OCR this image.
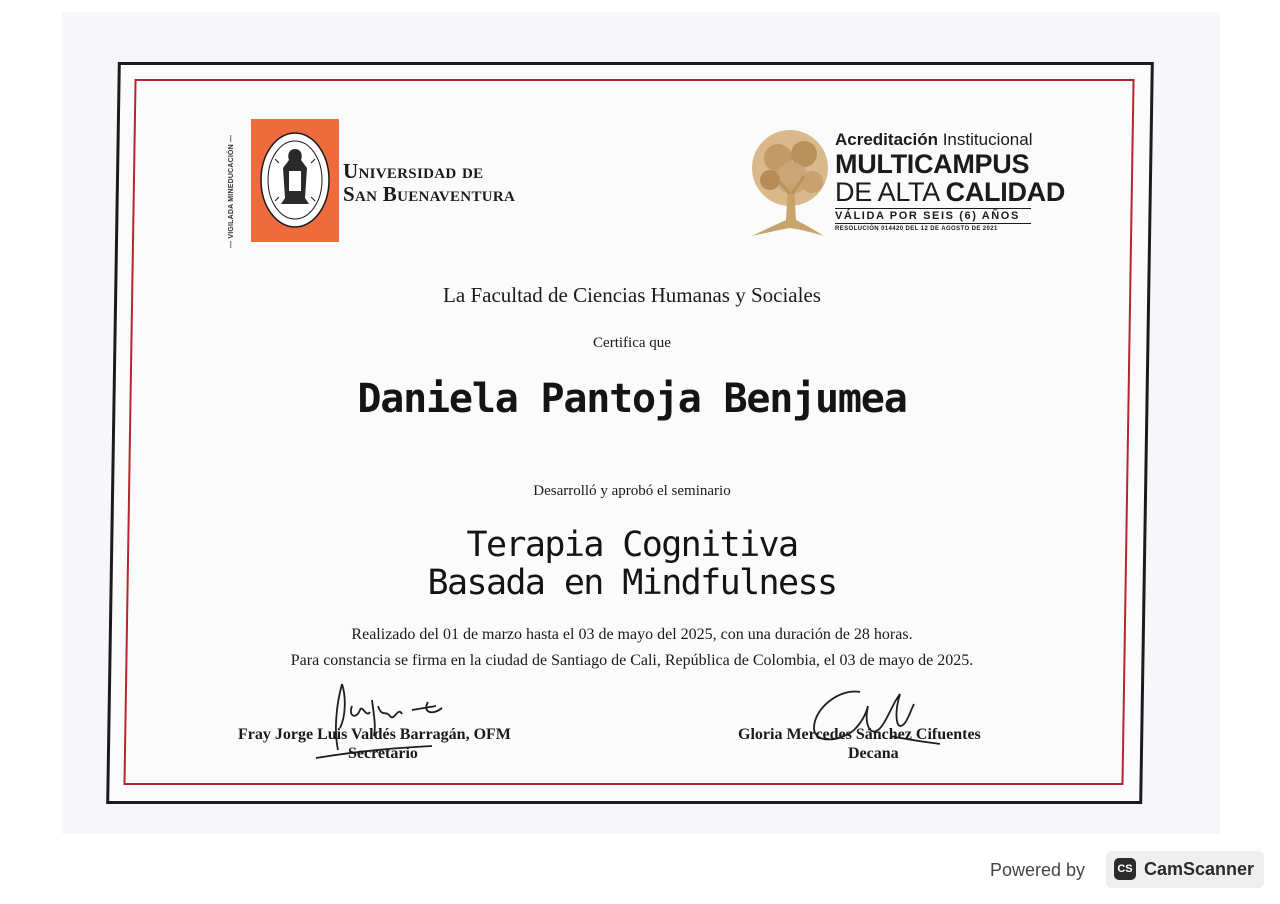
— VIGILADA MINEDUCACIÓN —	Universidad de
San Buenaventura
Acreditación Institucional
MULTICAMPUS
DE ALTA CALIDAD
VÁLIDA POR SEIS (6) AÑOS
RESOLUCIÓN 014420 DEL 12 DE AGOSTO DE 2021
La Facultad de Ciencias Humanas y Sociales
Certifica que
Daniela Pantoja Benjumea
Desarrolló y aprobó el seminario
Terapia Cognitiva
Basada en Mindfulness
Realizado del 01 de marzo hasta el 03 de mayo del 2025, con una duración de 28 horas.
Para constancia se firma en la ciudad de Santiago de Cali, República de Colombia, el 03 de mayo de 2025.
Fray Jorge Luis Valdés Barragán, OFM
Secretario
Gloria Mercedes Sánchez Cifuentes
Decana
Powered by	CS CamScanner
